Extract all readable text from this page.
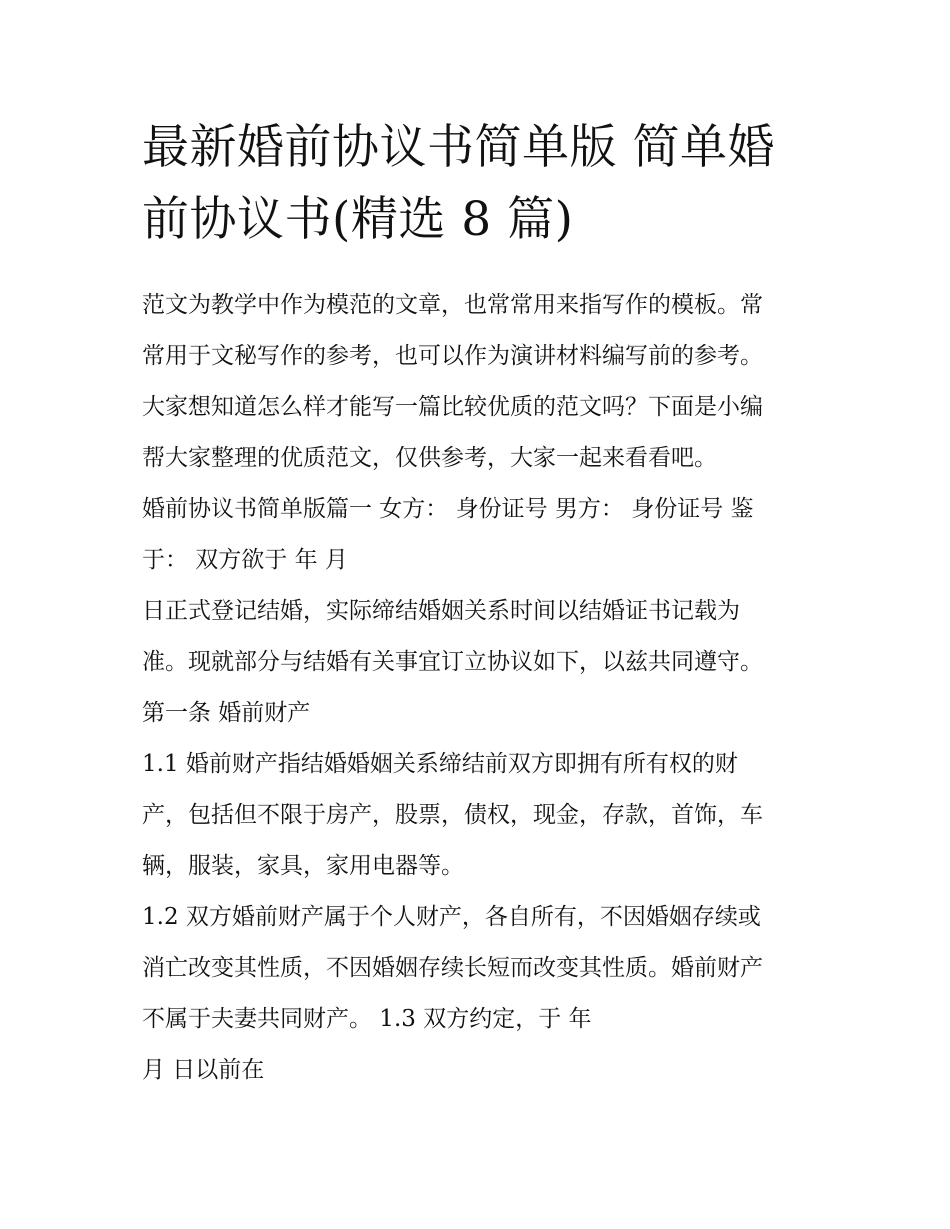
最新婚前协议书简单版 简单婚
前协议书(精选 8 篇)
范文为教学中作为模范的文章，也常常用来指写作的模板。常
常用于文秘写作的参考，也可以作为演讲材料编写前的参考。
大家想知道怎么样才能写一篇比较优质的范文吗？下面是小编
帮大家整理的优质范文，仅供参考，大家一起来看看吧。
婚前协议书简单版篇一 女方： 身份证号 男方： 身份证号 鉴
于： 双方欲于 年 月
日正式登记结婚，实际缔结婚姻关系时间以结婚证书记载为
准。现就部分与结婚有关事宜订立协议如下，以兹共同遵守。
第一条 婚前财产
1.1 婚前财产指结婚婚姻关系缔结前双方即拥有所有权的财
产，包括但不限于房产，股票，债权，现金，存款，首饰，车
辆，服装，家具，家用电器等。
1.2 双方婚前财产属于个人财产，各自所有，不因婚姻存续或
消亡改变其性质，不因婚姻存续长短而改变其性质。婚前财产
不属于夫妻共同财产。 1.3 双方约定，于 年
月 日以前在
